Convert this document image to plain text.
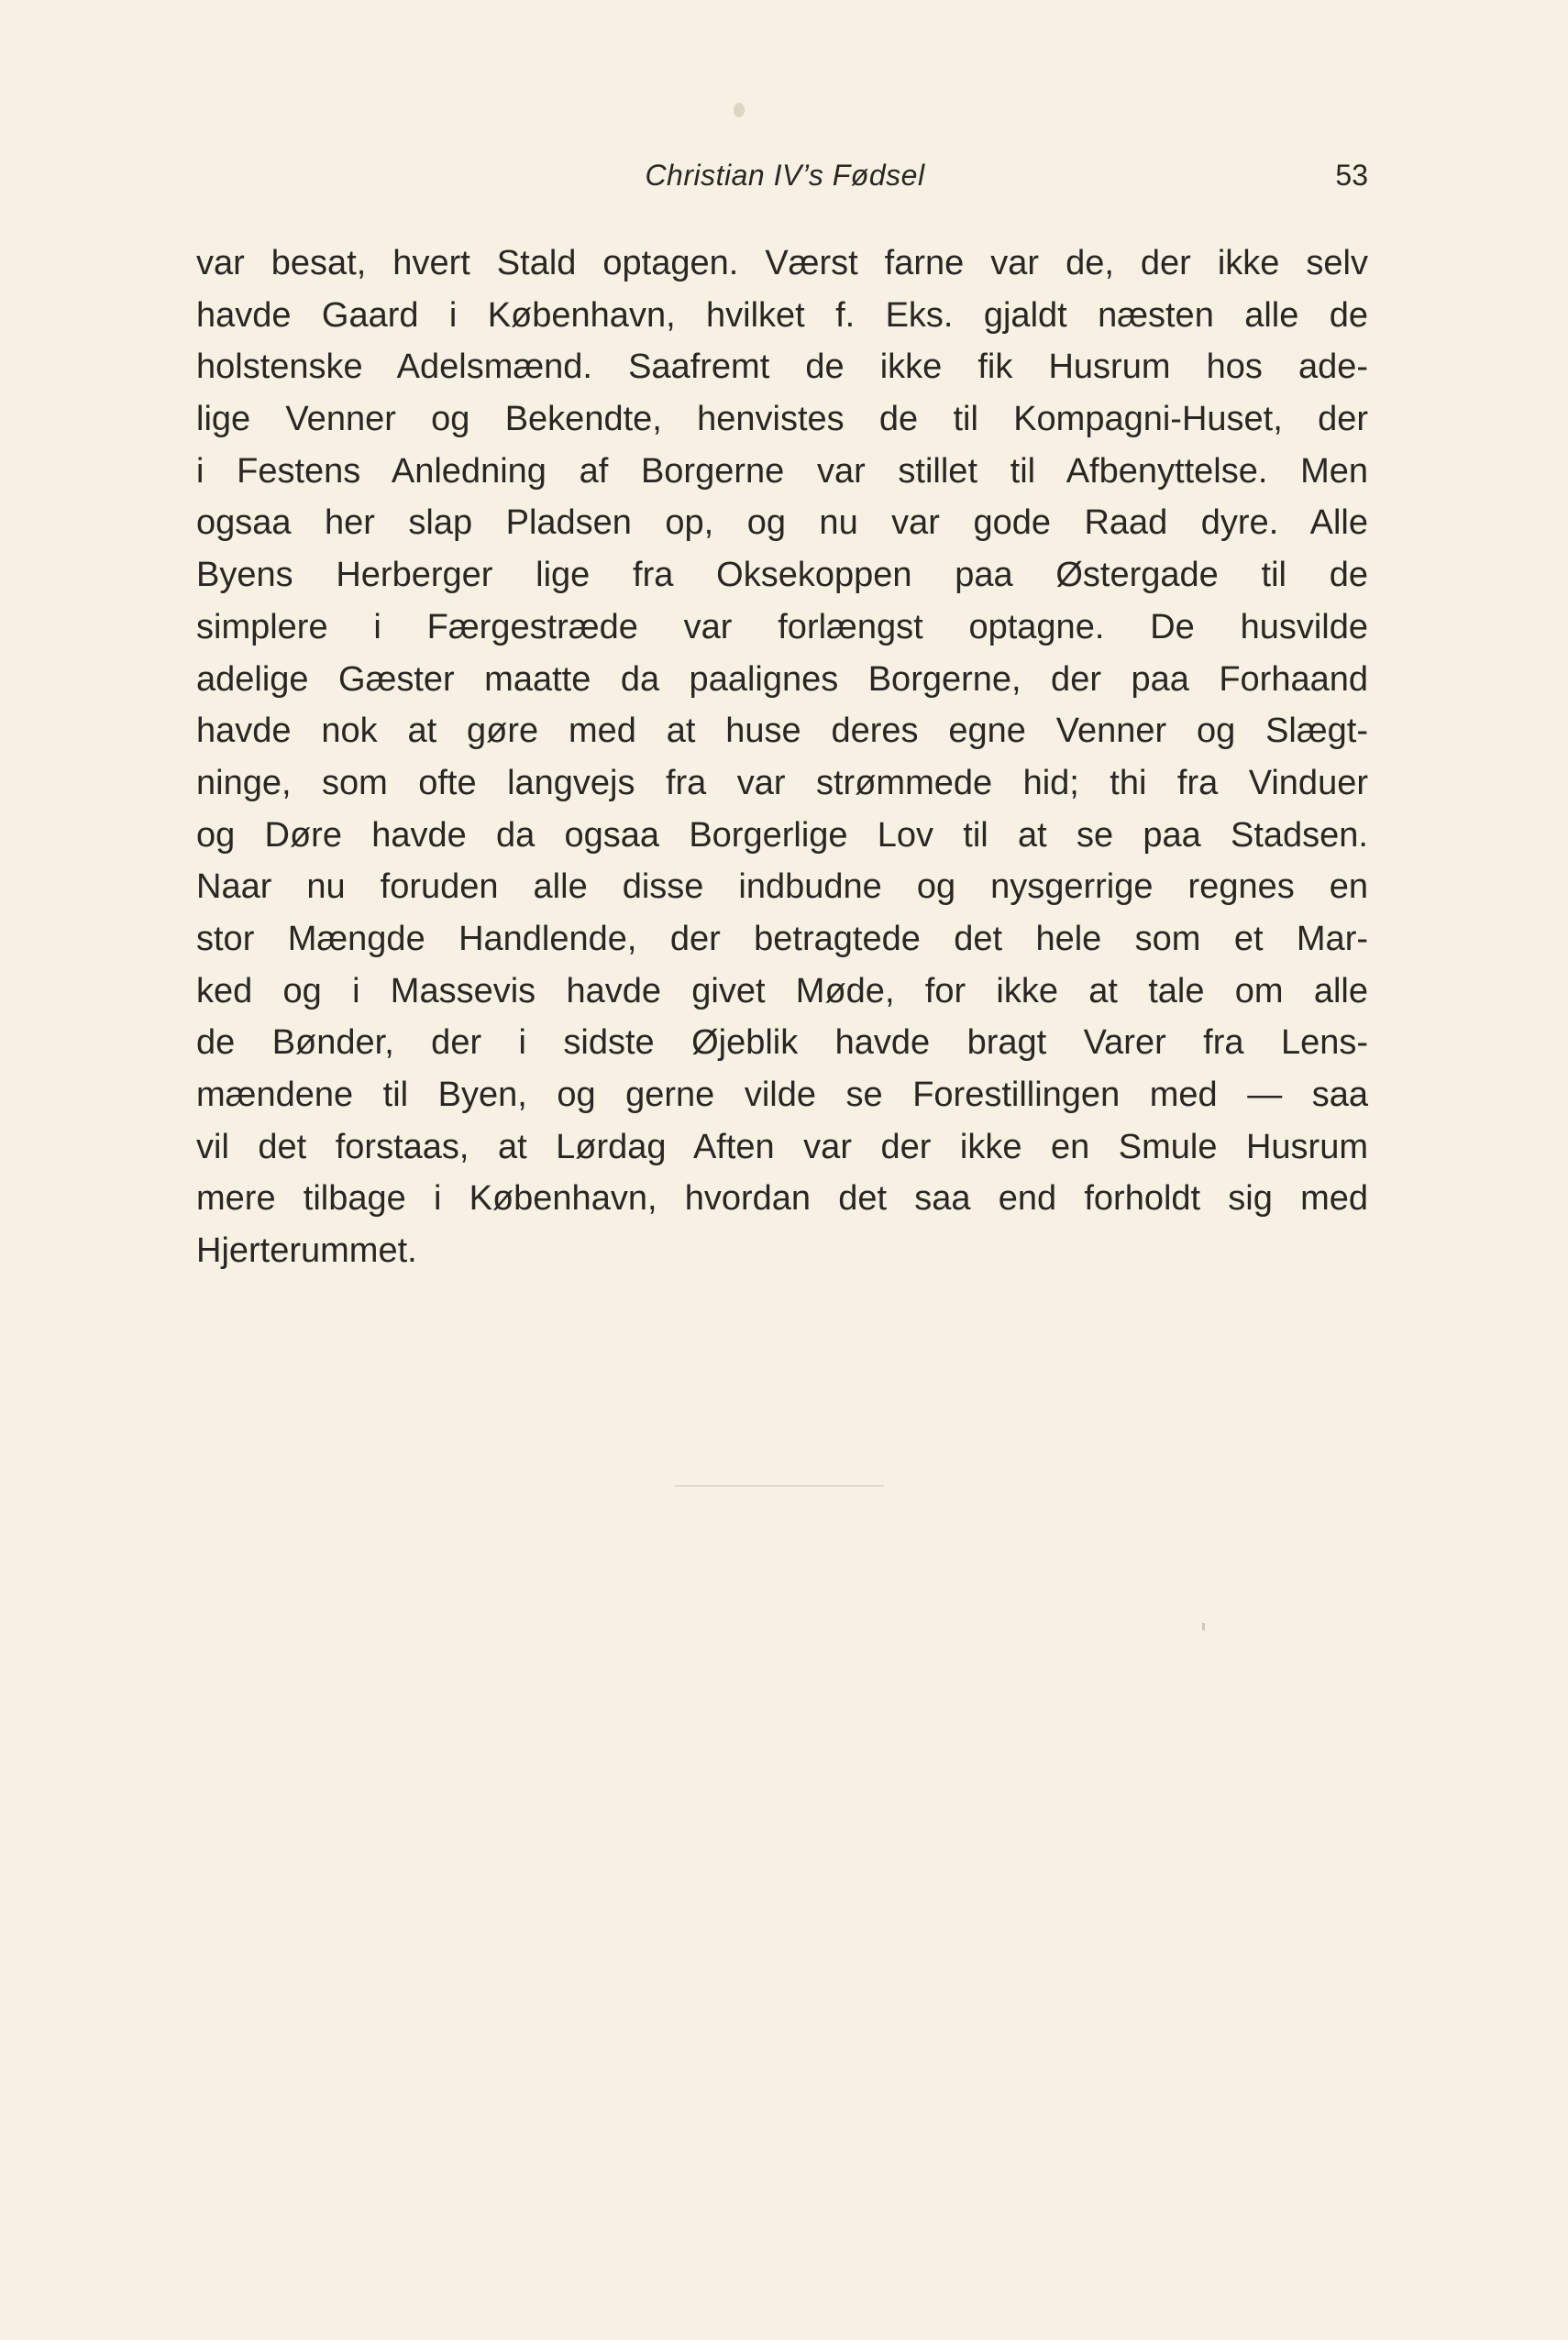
Christian IV’s Fødsel	53
var besat, hvert Stald optagen. Værst farne var de, der ikke selv
havde Gaard i København, hvilket f. Eks. gjaldt næsten alle de
holstenske Adelsmænd. Saafremt de ikke fik Husrum hos ade-
lige Venner og Bekendte, henvistes de til Kompagni-Huset, der
i Festens Anledning af Borgerne var stillet til Afbenyttelse. Men
ogsaa her slap Pladsen op, og nu var gode Raad dyre. Alle
Byens Herberger lige fra Oksekoppen paa Østergade til de
simplere i Færgestræde var forlængst optagne. De husvilde
adelige Gæster maatte da paalignes Borgerne, der paa Forhaand
havde nok at gøre med at huse deres egne Venner og Slægt-
ninge, som ofte langvejs fra var strømmede hid; thi fra Vinduer
og Døre havde da ogsaa Borgerlige Lov til at se paa Stadsen.
Naar nu foruden alle disse indbudne og nysgerrige regnes en
stor Mængde Handlende, der betragtede det hele som et Mar-
ked og i Massevis havde givet Møde, for ikke at tale om alle
de Bønder, der i sidste Øjeblik havde bragt Varer fra Lens-
mændene til Byen, og gerne vilde se Forestillingen med — saa
vil det forstaas, at Lørdag Aften var der ikke en Smule Husrum
mere tilbage i København, hvordan det saa end forholdt sig med
Hjerterummet.
